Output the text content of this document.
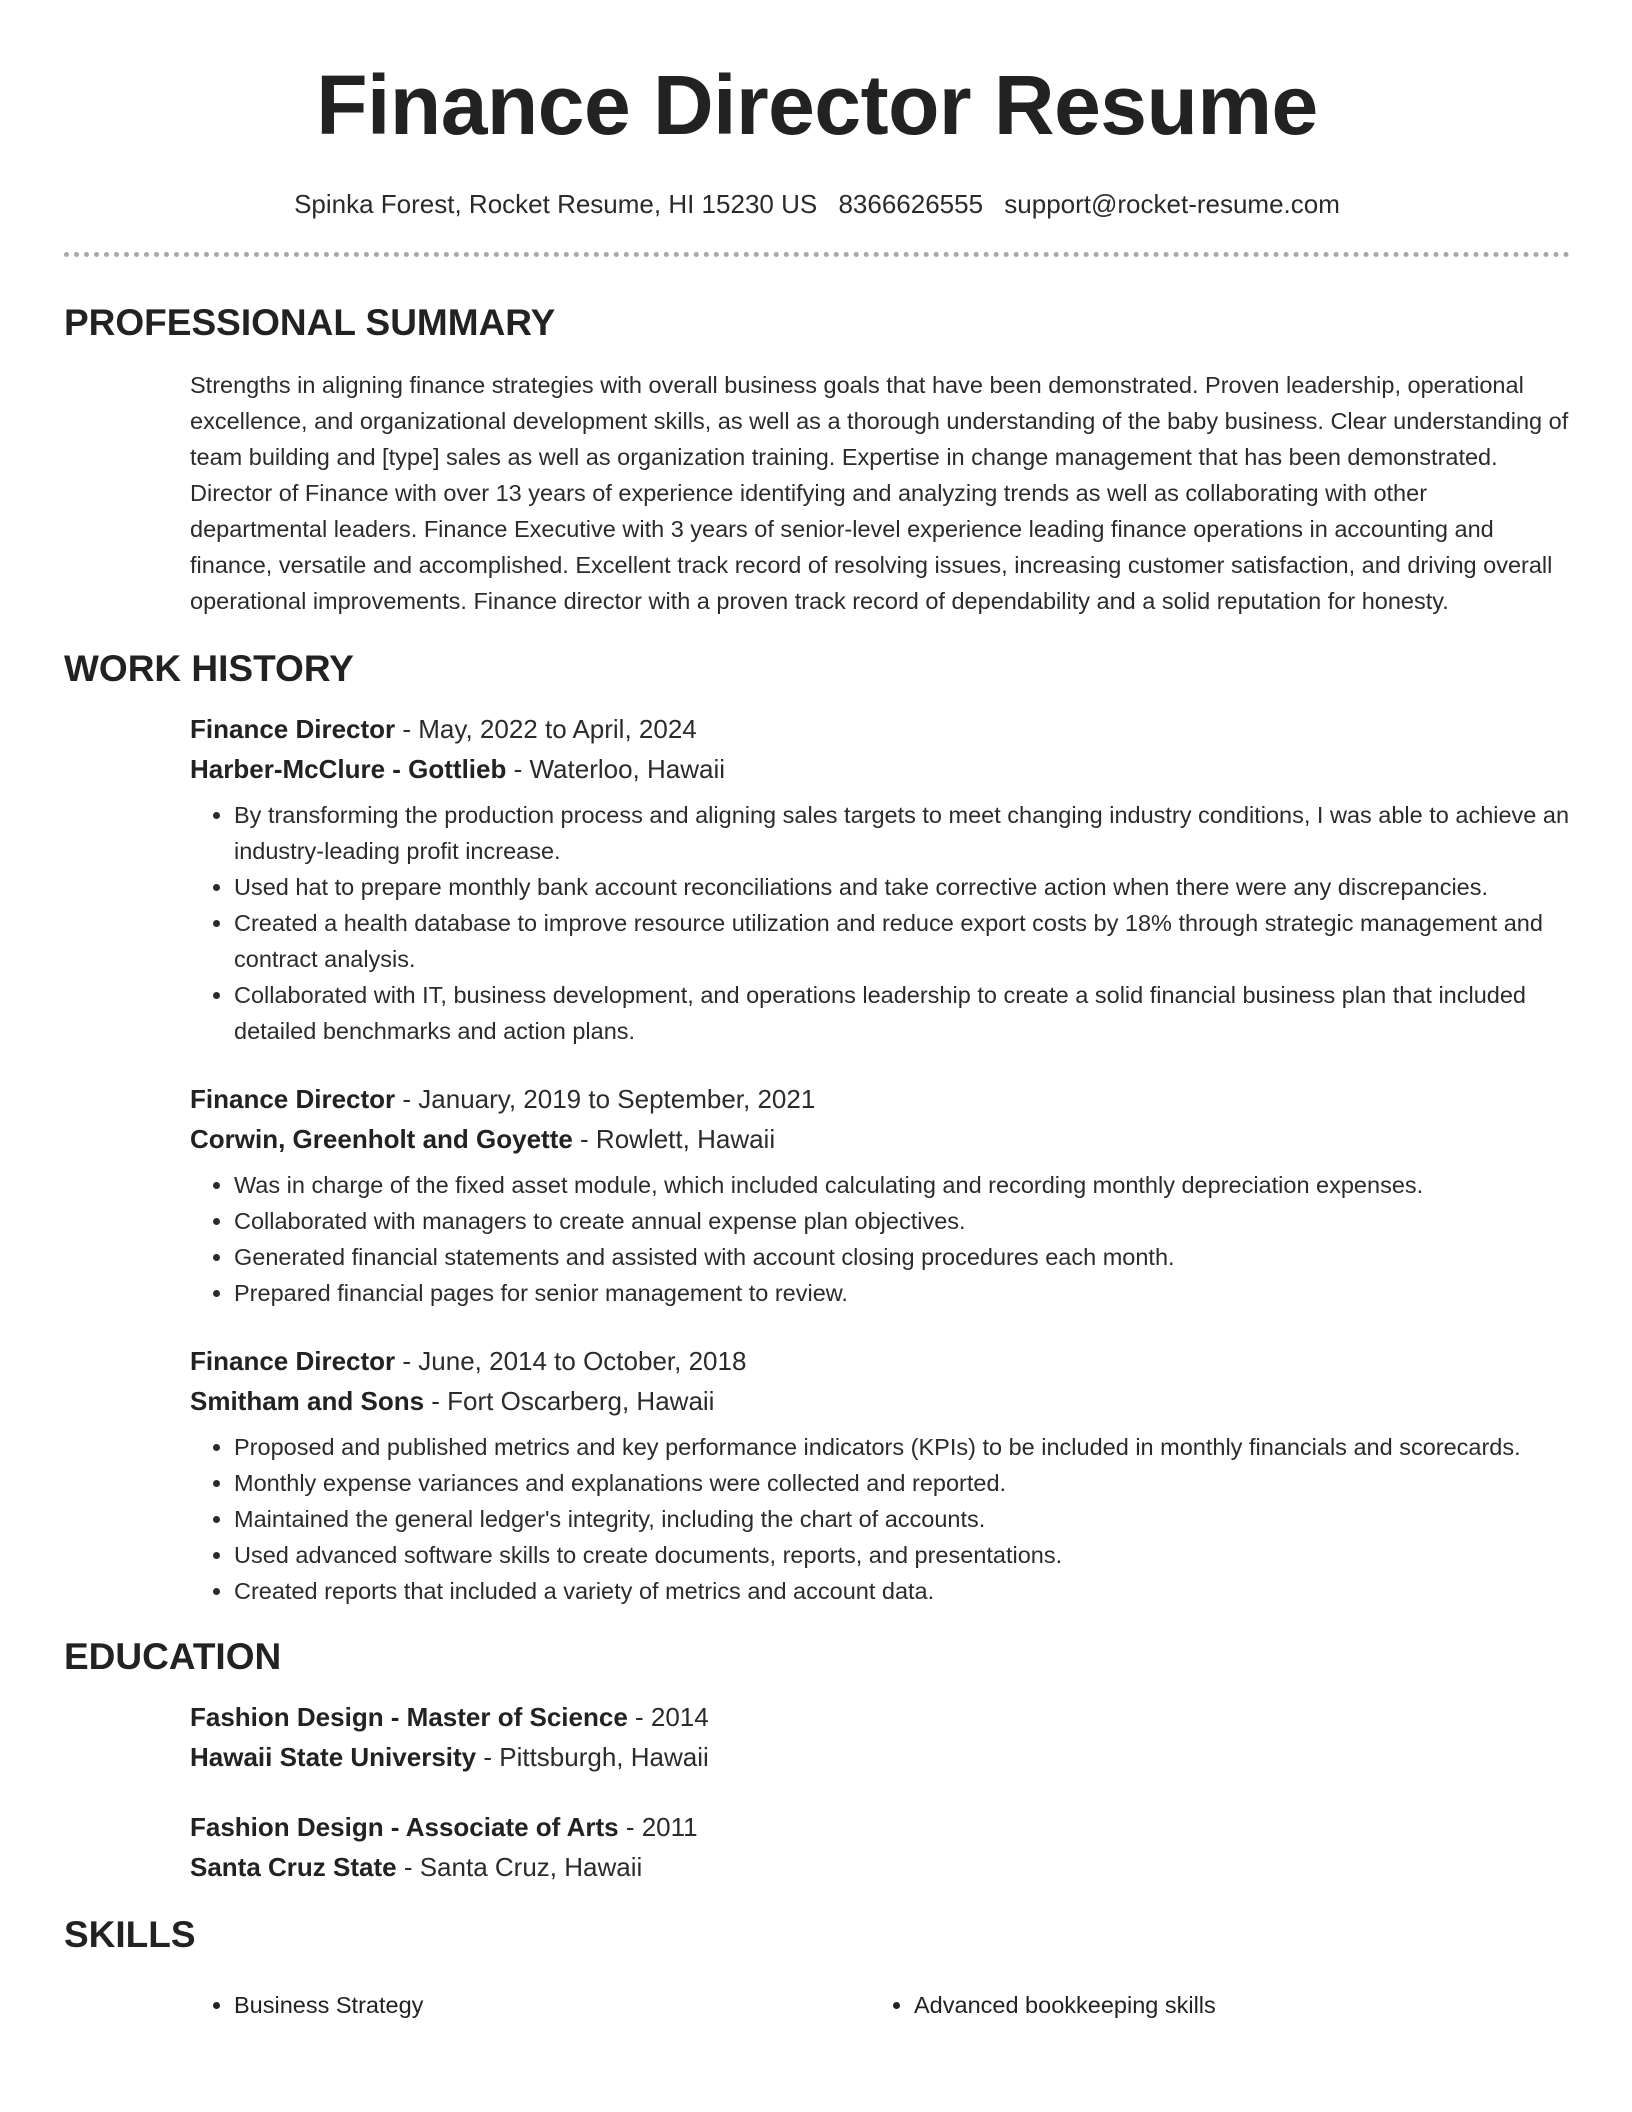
Finance Director Resume
Spinka Forest, Rocket Resume, HI 15230 US 8366626555 support@rocket-resume.com
PROFESSIONAL SUMMARY

Strengths in aligning finance strategies with overall business goals that have been demonstrated. Proven leadership, operational excellence, and organizational development skills, as well as a thorough understanding of the baby business. Clear understanding of team building and [type] sales as well as organization training. Expertise in change management that has been demonstrated. Director of Finance with over 13 years of experience identifying and analyzing trends as well as collaborating with other departmental leaders. Finance Executive with 3 years of senior-level experience leading finance operations in accounting and finance, versatile and accomplished. Excellent track record of resolving issues, increasing customer satisfaction, and driving overall operational improvements. Finance director with a proven track record of dependability and a solid reputation for honesty.

WORK HISTORY
Finance Director - May, 2022 to April, 2024
Harber-McClure - Gottlieb - Waterloo, Hawaii
• By transforming the production process and aligning sales targets to meet changing industry conditions, I was able to achieve an industry-leading profit increase.
• Used hat to prepare monthly bank account reconciliations and take corrective action when there were any discrepancies.
• Created a health database to improve resource utilization and reduce export costs by 18% through strategic management and contract analysis.
• Collaborated with IT, business development, and operations leadership to create a solid financial business plan that included detailed benchmarks and action plans.
Finance Director - January, 2019 to September, 2021
Corwin, Greenholt and Goyette - Rowlett, Hawaii
• Was in charge of the fixed asset module, which included calculating and recording monthly depreciation expenses.
• Collaborated with managers to create annual expense plan objectives.
• Generated financial statements and assisted with account closing procedures each month.
• Prepared financial pages for senior management to review.
Finance Director - June, 2014 to October, 2018
Smitham and Sons - Fort Oscarberg, Hawaii
• Proposed and published metrics and key performance indicators (KPIs) to be included in monthly financials and scorecards.
• Monthly expense variances and explanations were collected and reported.
• Maintained the general ledger's integrity, including the chart of accounts.
• Used advanced software skills to create documents, reports, and presentations.
• Created reports that included a variety of metrics and account data.
EDUCATION
Fashion Design - Master of Science - 2014
Hawaii State University - Pittsburgh, Hawaii
Fashion Design - Associate of Arts - 2011
Santa Cruz State - Santa Cruz, Hawaii
SKILLS
• Business Strategy
•	Advanced bookkeeping skills
